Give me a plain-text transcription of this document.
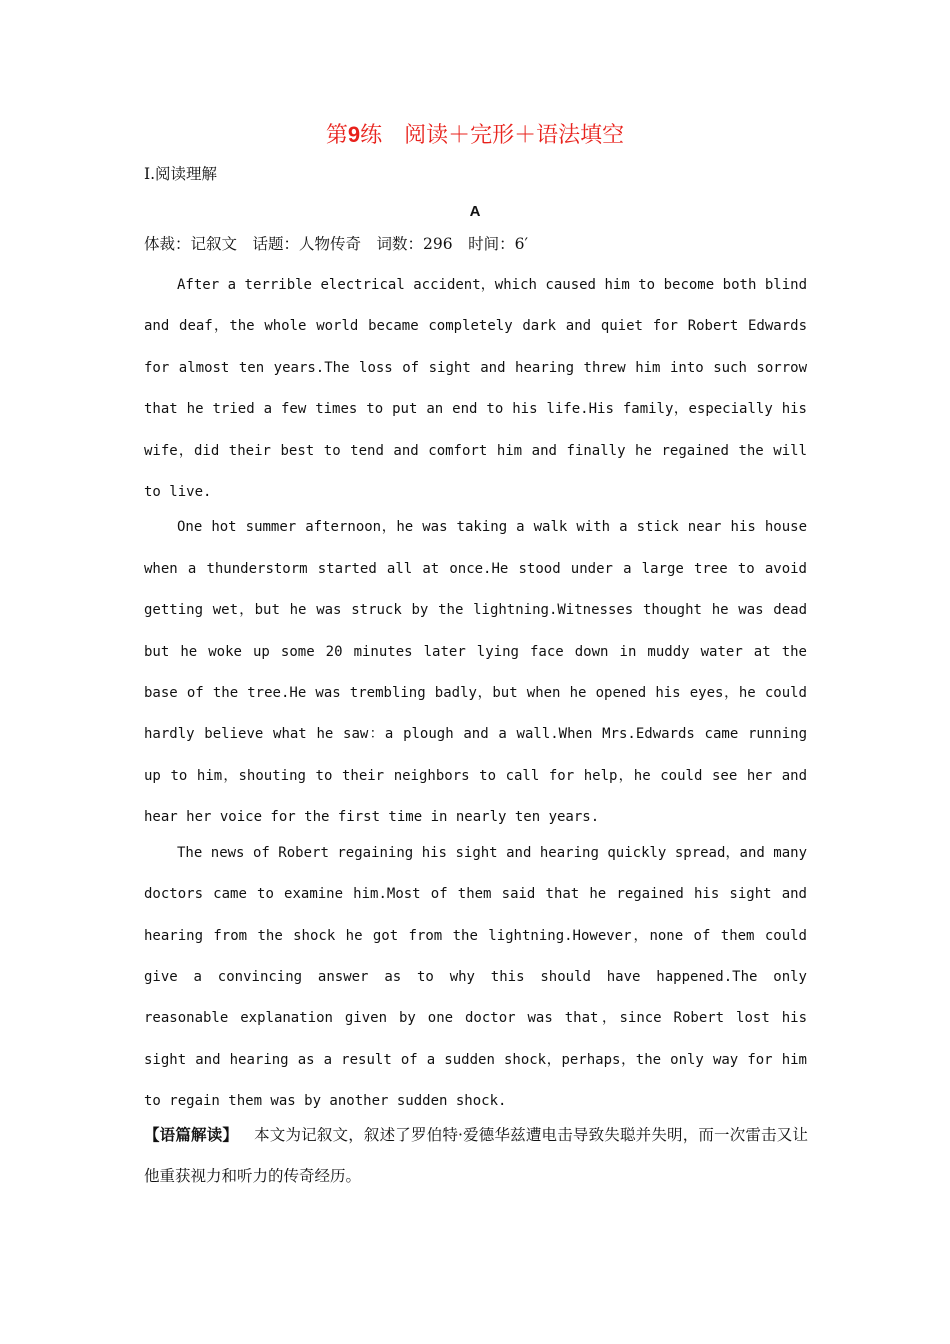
第9练　阅读＋完形＋语法填空
Ⅰ.阅读理解
A
体裁：记叙文　话题：人物传奇　词数：296　时间：6′

After a terrible electrical accident，which caused him to become both blind and deaf，the whole world became completely dark and quiet for Robert Edwards for almost ten years.The loss of sight and hearing threw him into such sorrow that he tried a few times to put an end to his life.His family，especially his wife，did their best to tend and comfort him and finally he regained the will to live.

One hot summer afternoon，he was taking a walk with a stick near his house when a thunderstorm started all at once.He stood under a large tree to avoid getting wet，but he was struck by the lightning.Witnesses thought he was dead but he woke up some 20 minutes later lying face down in muddy water at the base of the tree.He was trembling badly，but when he opened his eyes，he could hardly believe what he saw：a plough and a wall.When Mrs.Edwards came running up to him，shouting to their neighbors to call for help，he could see her and hear her voice for the first time in nearly ten years.

The news of Robert regaining his sight and hearing quickly spread，and many doctors came to examine him.Most of them said that he regained his sight and hearing from the shock he got from the lightning.However，none of them could give a convincing answer as to why this should have happened.The only reasonable explanation given by one doctor was that，since Robert lost his sight and hearing as a result of a sudden shock，perhaps，the only way for him to regain them was by another sudden shock.

【语篇解读】 本文为记叙文，叙述了罗伯特·爱德华兹遭电击导致失聪并失明，而一次雷击又让他重获视力和听力的传奇经历。
